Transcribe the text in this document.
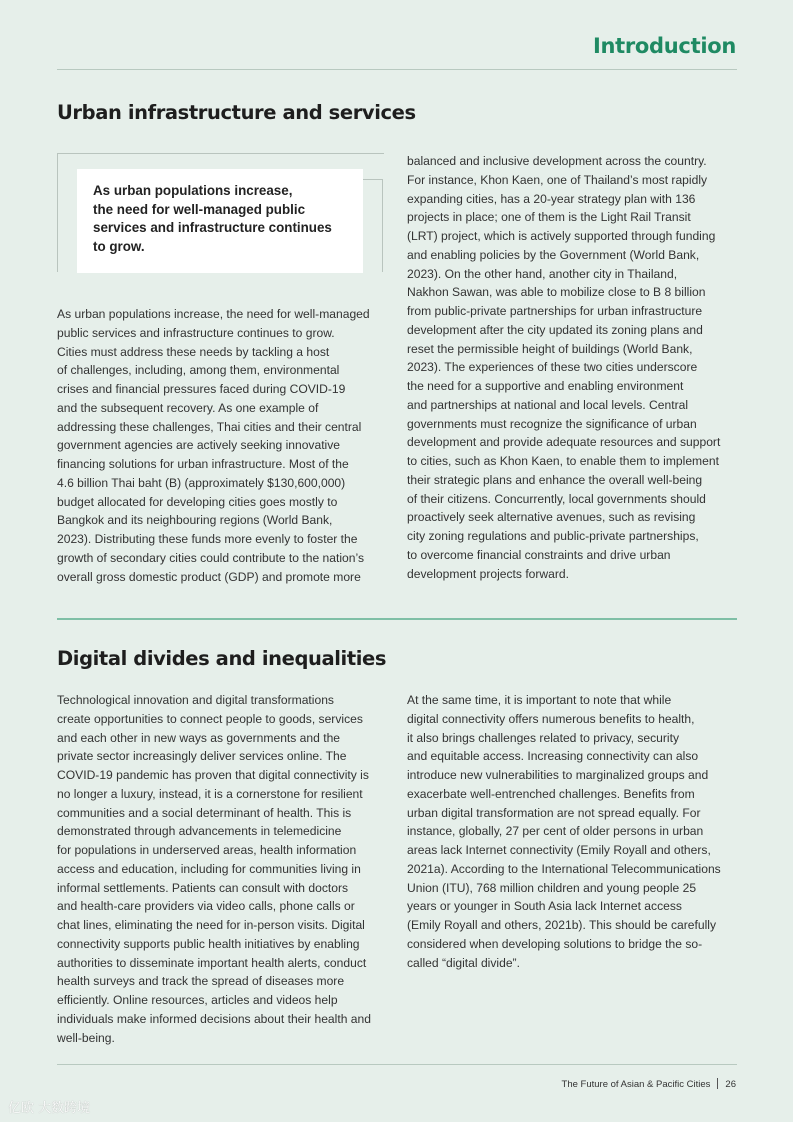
Introduction
Urban infrastructure and services
As urban populations increase,
the need for well-managed public
services and infrastructure continues
to grow.
As urban populations increase, the need for well-managed
public services and infrastructure continues to grow.
Cities must address these needs by tackling a host
of challenges, including, among them, environmental
crises and financial pressures faced during COVID-19
and the subsequent recovery. As one example of
addressing these challenges, Thai cities and their central
government agencies are actively seeking innovative
financing solutions for urban infrastructure. Most of the
4.6 billion Thai baht (B) (approximately $130,600,000)
budget allocated for developing cities goes mostly to
Bangkok and its neighbouring regions (World Bank,
2023). Distributing these funds more evenly to foster the
growth of secondary cities could contribute to the nation’s
overall gross domestic product (GDP) and promote more
balanced and inclusive development across the country.
For instance, Khon Kaen, one of Thailand’s most rapidly
expanding cities, has a 20-year strategy plan with 136
projects in place; one of them is the Light Rail Transit
(LRT) project, which is actively supported through funding
and enabling policies by the Government (World Bank,
2023). On the other hand, another city in Thailand,
Nakhon Sawan, was able to mobilize close to B 8 billion
from public-private partnerships for urban infrastructure
development after the city updated its zoning plans and
reset the permissible height of buildings (World Bank,
2023). The experiences of these two cities underscore
the need for a supportive and enabling environment
and partnerships at national and local levels. Central
governments must recognize the significance of urban
development and provide adequate resources and support
to cities, such as Khon Kaen, to enable them to implement
their strategic plans and enhance the overall well-being
of their citizens. Concurrently, local governments should
proactively seek alternative avenues, such as revising
city zoning regulations and public-private partnerships,
to overcome financial constraints and drive urban
development projects forward.
Digital divides and inequalities
Technological innovation and digital transformations
create opportunities to connect people to goods, services
and each other in new ways as governments and the
private sector increasingly deliver services online. The
COVID-19 pandemic has proven that digital connectivity is
no longer a luxury, instead, it is a cornerstone for resilient
communities and a social determinant of health. This is
demonstrated through advancements in telemedicine
for populations in underserved areas, health information
access and education, including for communities living in
informal settlements. Patients can consult with doctors
and health-care providers via video calls, phone calls or
chat lines, eliminating the need for in-person visits. Digital
connectivity supports public health initiatives by enabling
authorities to disseminate important health alerts, conduct
health surveys and track the spread of diseases more
efficiently. Online resources, articles and videos help
individuals make informed decisions about their health and
well-being.
At the same time, it is important to note that while
digital connectivity offers numerous benefits to health,
it also brings challenges related to privacy, security
and equitable access. Increasing connectivity can also
introduce new vulnerabilities to marginalized groups and
exacerbate well-entrenched challenges. Benefits from
urban digital transformation are not spread equally. For
instance, globally, 27 per cent of older persons in urban
areas lack Internet connectivity (Emily Royall and others,
2021a). According to the International Telecommunications
Union (ITU), 768 million children and young people 25
years or younger in South Asia lack Internet access
(Emily Royall and others, 2021b). This should be carefully
considered when developing solutions to bridge the so-
called “digital divide”.
The Future of Asian & Pacific Cities 26
亿欧 大数跨境
